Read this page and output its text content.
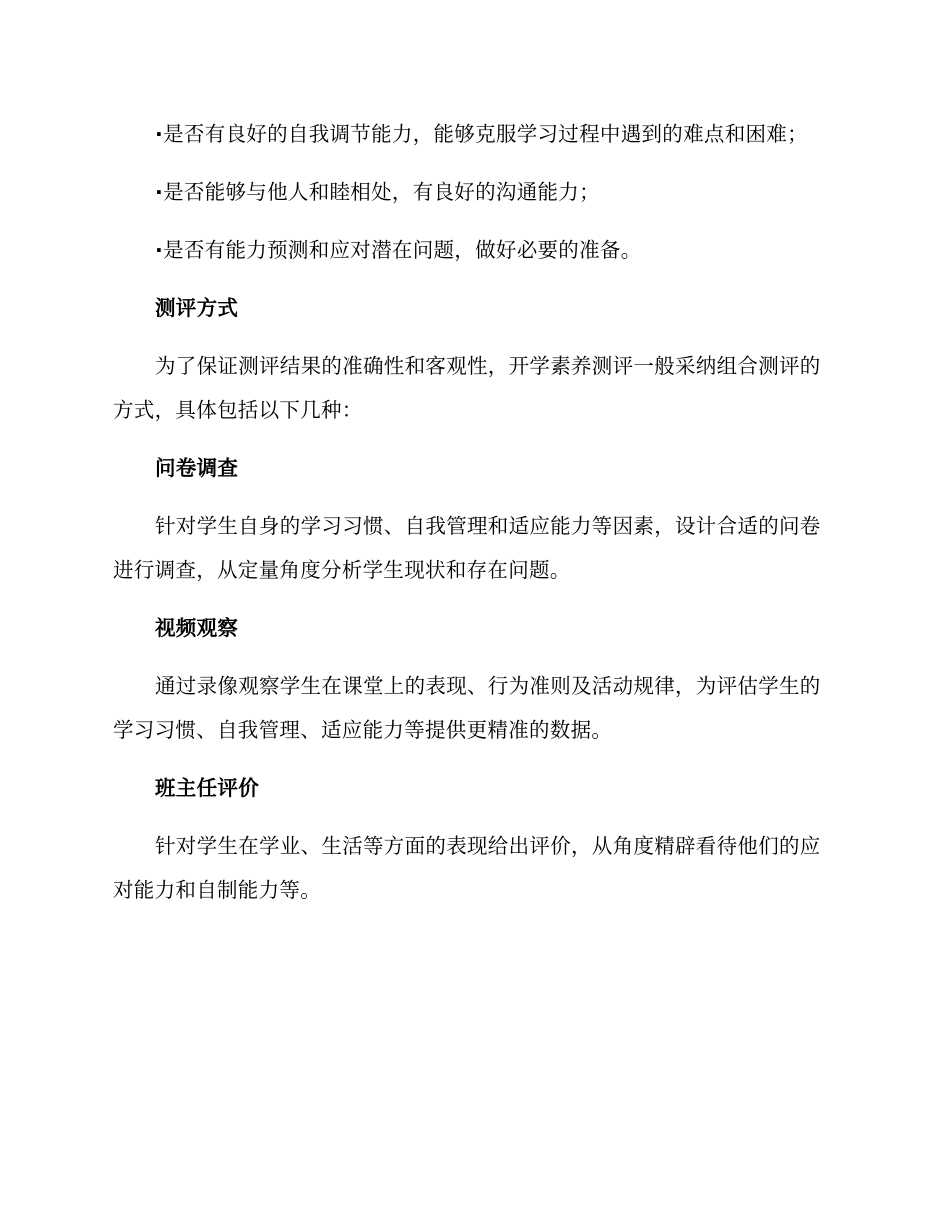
·是否有良好的自我调节能力，能够克服学习过程中遇到的难点和困难；

·是否能够与他人和睦相处，有良好的沟通能力；

·是否有能力预测和应对潜在问题，做好必要的准备。

测评方式

为了保证测评结果的准确性和客观性，开学素养测评一般采纳组合测评的方式，具体包括以下几种：

问卷调查

针对学生自身的学习习惯、自我管理和适应能力等因素，设计合适的问卷进行调查，从定量角度分析学生现状和存在问题。

视频观察

通过录像观察学生在课堂上的表现、行为准则及活动规律，为评估学生的学习习惯、自我管理、适应能力等提供更精准的数据。

班主任评价

针对学生在学业、生活等方面的表现给出评价，从角度精辟看待他们的应对能力和自制能力等。
